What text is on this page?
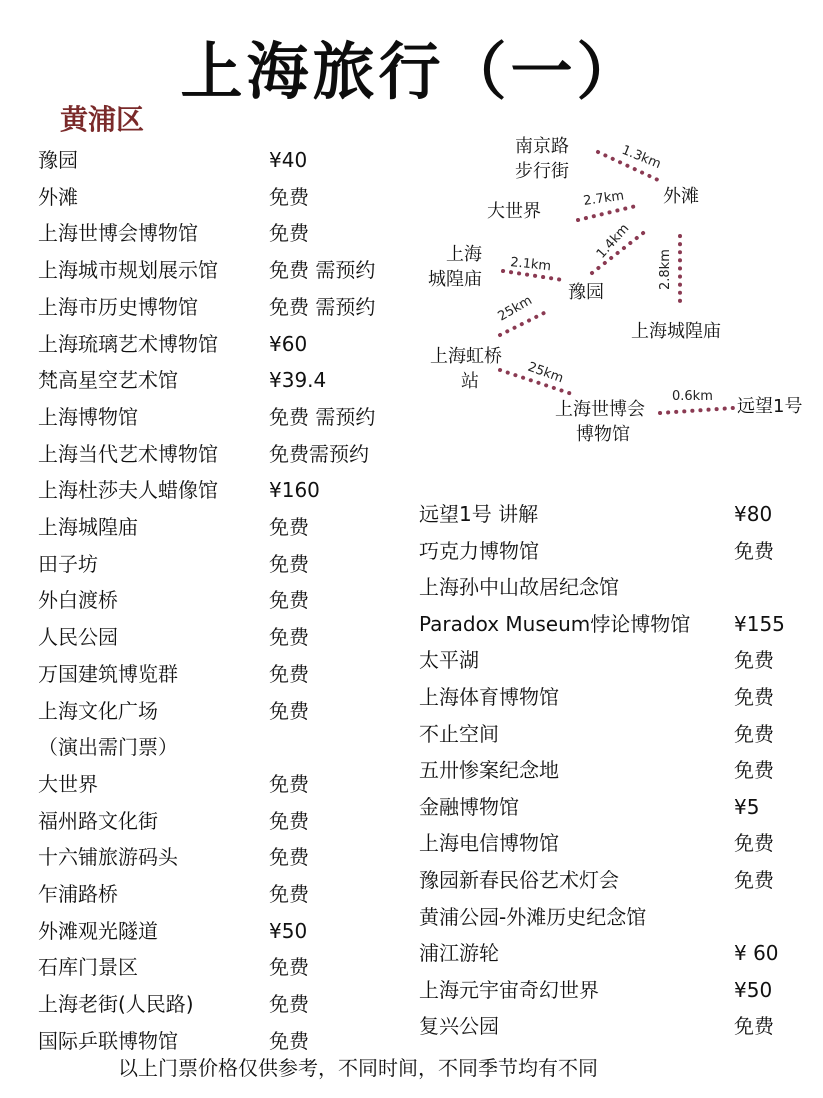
上海旅行（一）
黄浦区
豫园	¥40
外滩	免费
上海世博会博物馆	免费
上海城市规划展示馆	免费 需预约
上海市历史博物馆	免费 需预约
上海琉璃艺术博物馆	¥60
梵高星空艺术馆	¥39.4
上海博物馆	免费 需预约
上海当代艺术博物馆	免费需预约
上海杜莎夫人蜡像馆	¥160
上海城隍庙	免费
田子坊	免费
外白渡桥	免费
人民公园	免费
万国建筑博览群	免费
上海文化广场	免费
（演出需门票）
大世界	免费
福州路文化街	免费
十六铺旅游码头	免费
乍浦路桥	免费
外滩观光隧道	¥50
石库门景区	免费
上海老街(人民路)	免费
国际乒联博物馆	免费
远望1号 讲解	¥80
巧克力博物馆	免费
上海孙中山故居纪念馆
Paradox Museum悖论博物馆 ¥155
太平湖	免费
上海体育博物馆	免费
不止空间	免费
五卅惨案纪念地	免费
金融博物馆	¥5
上海电信博物馆	免费
豫园新春民俗艺术灯会	免费
黄浦公园-外滩历史纪念馆
浦江游轮	¥ 60
上海元宇宙奇幻世界	¥50
复兴公园	免费
南京路
步行街
外滩
大世界
上海
城隍庙
豫园
上海城隍庙
上海虹桥
站
上海世博会
博物馆
远望1号
1.3km
2.7km
1.4km
2.8km
2.1km
25km
25km
0.6km
以上门票价格仅供参考，不同时间，不同季节均有不同
